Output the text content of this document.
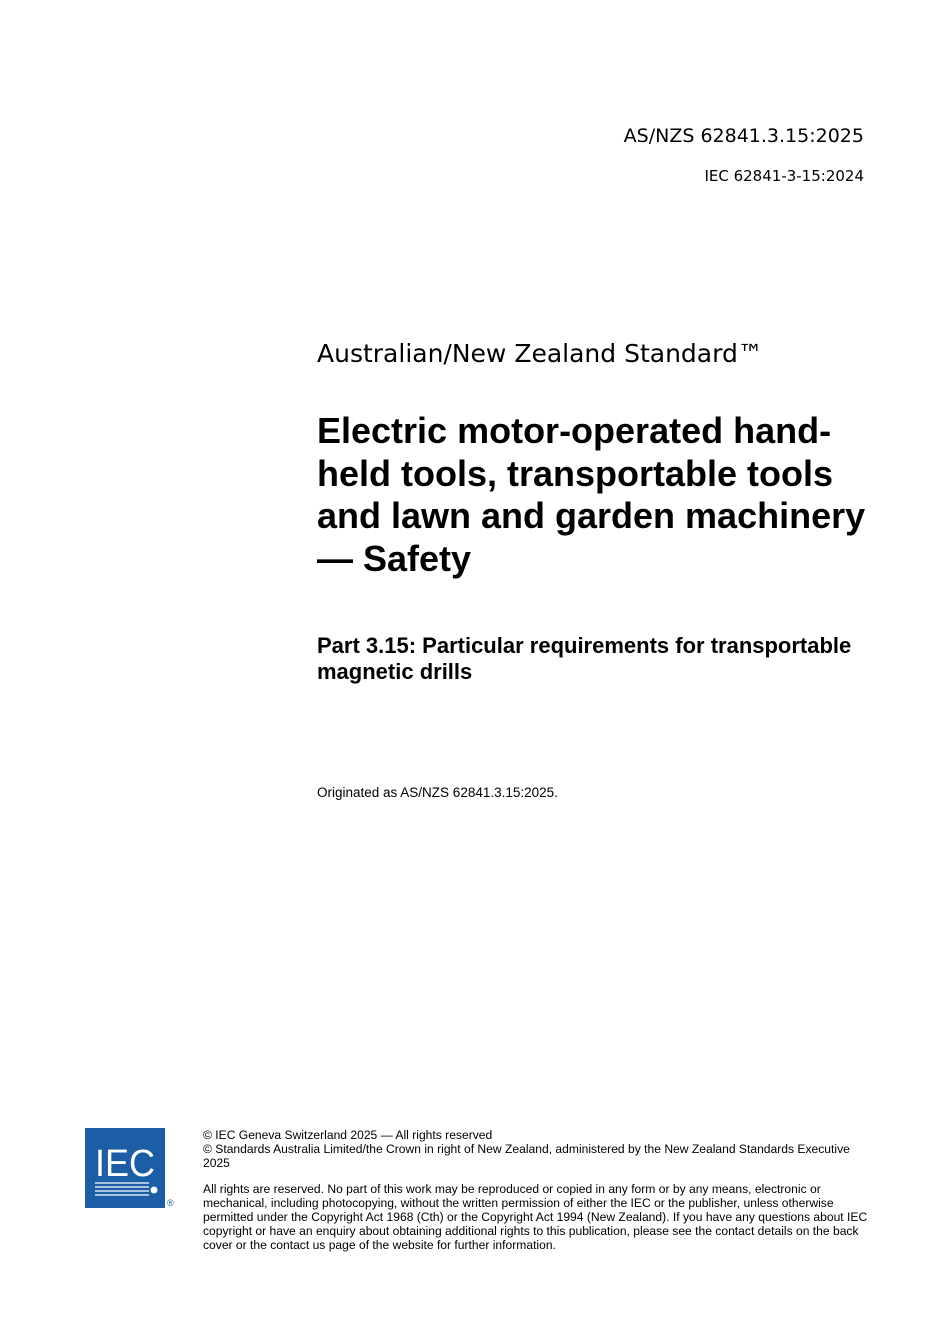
AS/NZS 62841.3.15:2025
IEC 62841-3-15:2024
Australian/New Zealand Standard™
Electric motor-operated hand-held tools, transportable tools and lawn and garden machinery — Safety
Part 3.15: Particular requirements for transportable magnetic drills
Originated as AS/NZS 62841.3.15:2025.
IEC
®

© IEC Geneva Switzerland 2025 — All rights reserved

© Standards Australia Limited/the Crown in right of New Zealand, administered by the New Zealand Standards Executive 2025

All rights are reserved. No part of this work may be reproduced or copied in any form or by any means, electronic or mechanical, including photocopying, without the written permission of either the IEC or the publisher, unless otherwise permitted under the Copyright Act 1968 (Cth) or the Copyright Act 1994 (New Zealand). If you have any questions about IEC copyright or have an enquiry about obtaining additional rights to this publication, please see the contact details on the back cover or the contact us page of the website for further information.
